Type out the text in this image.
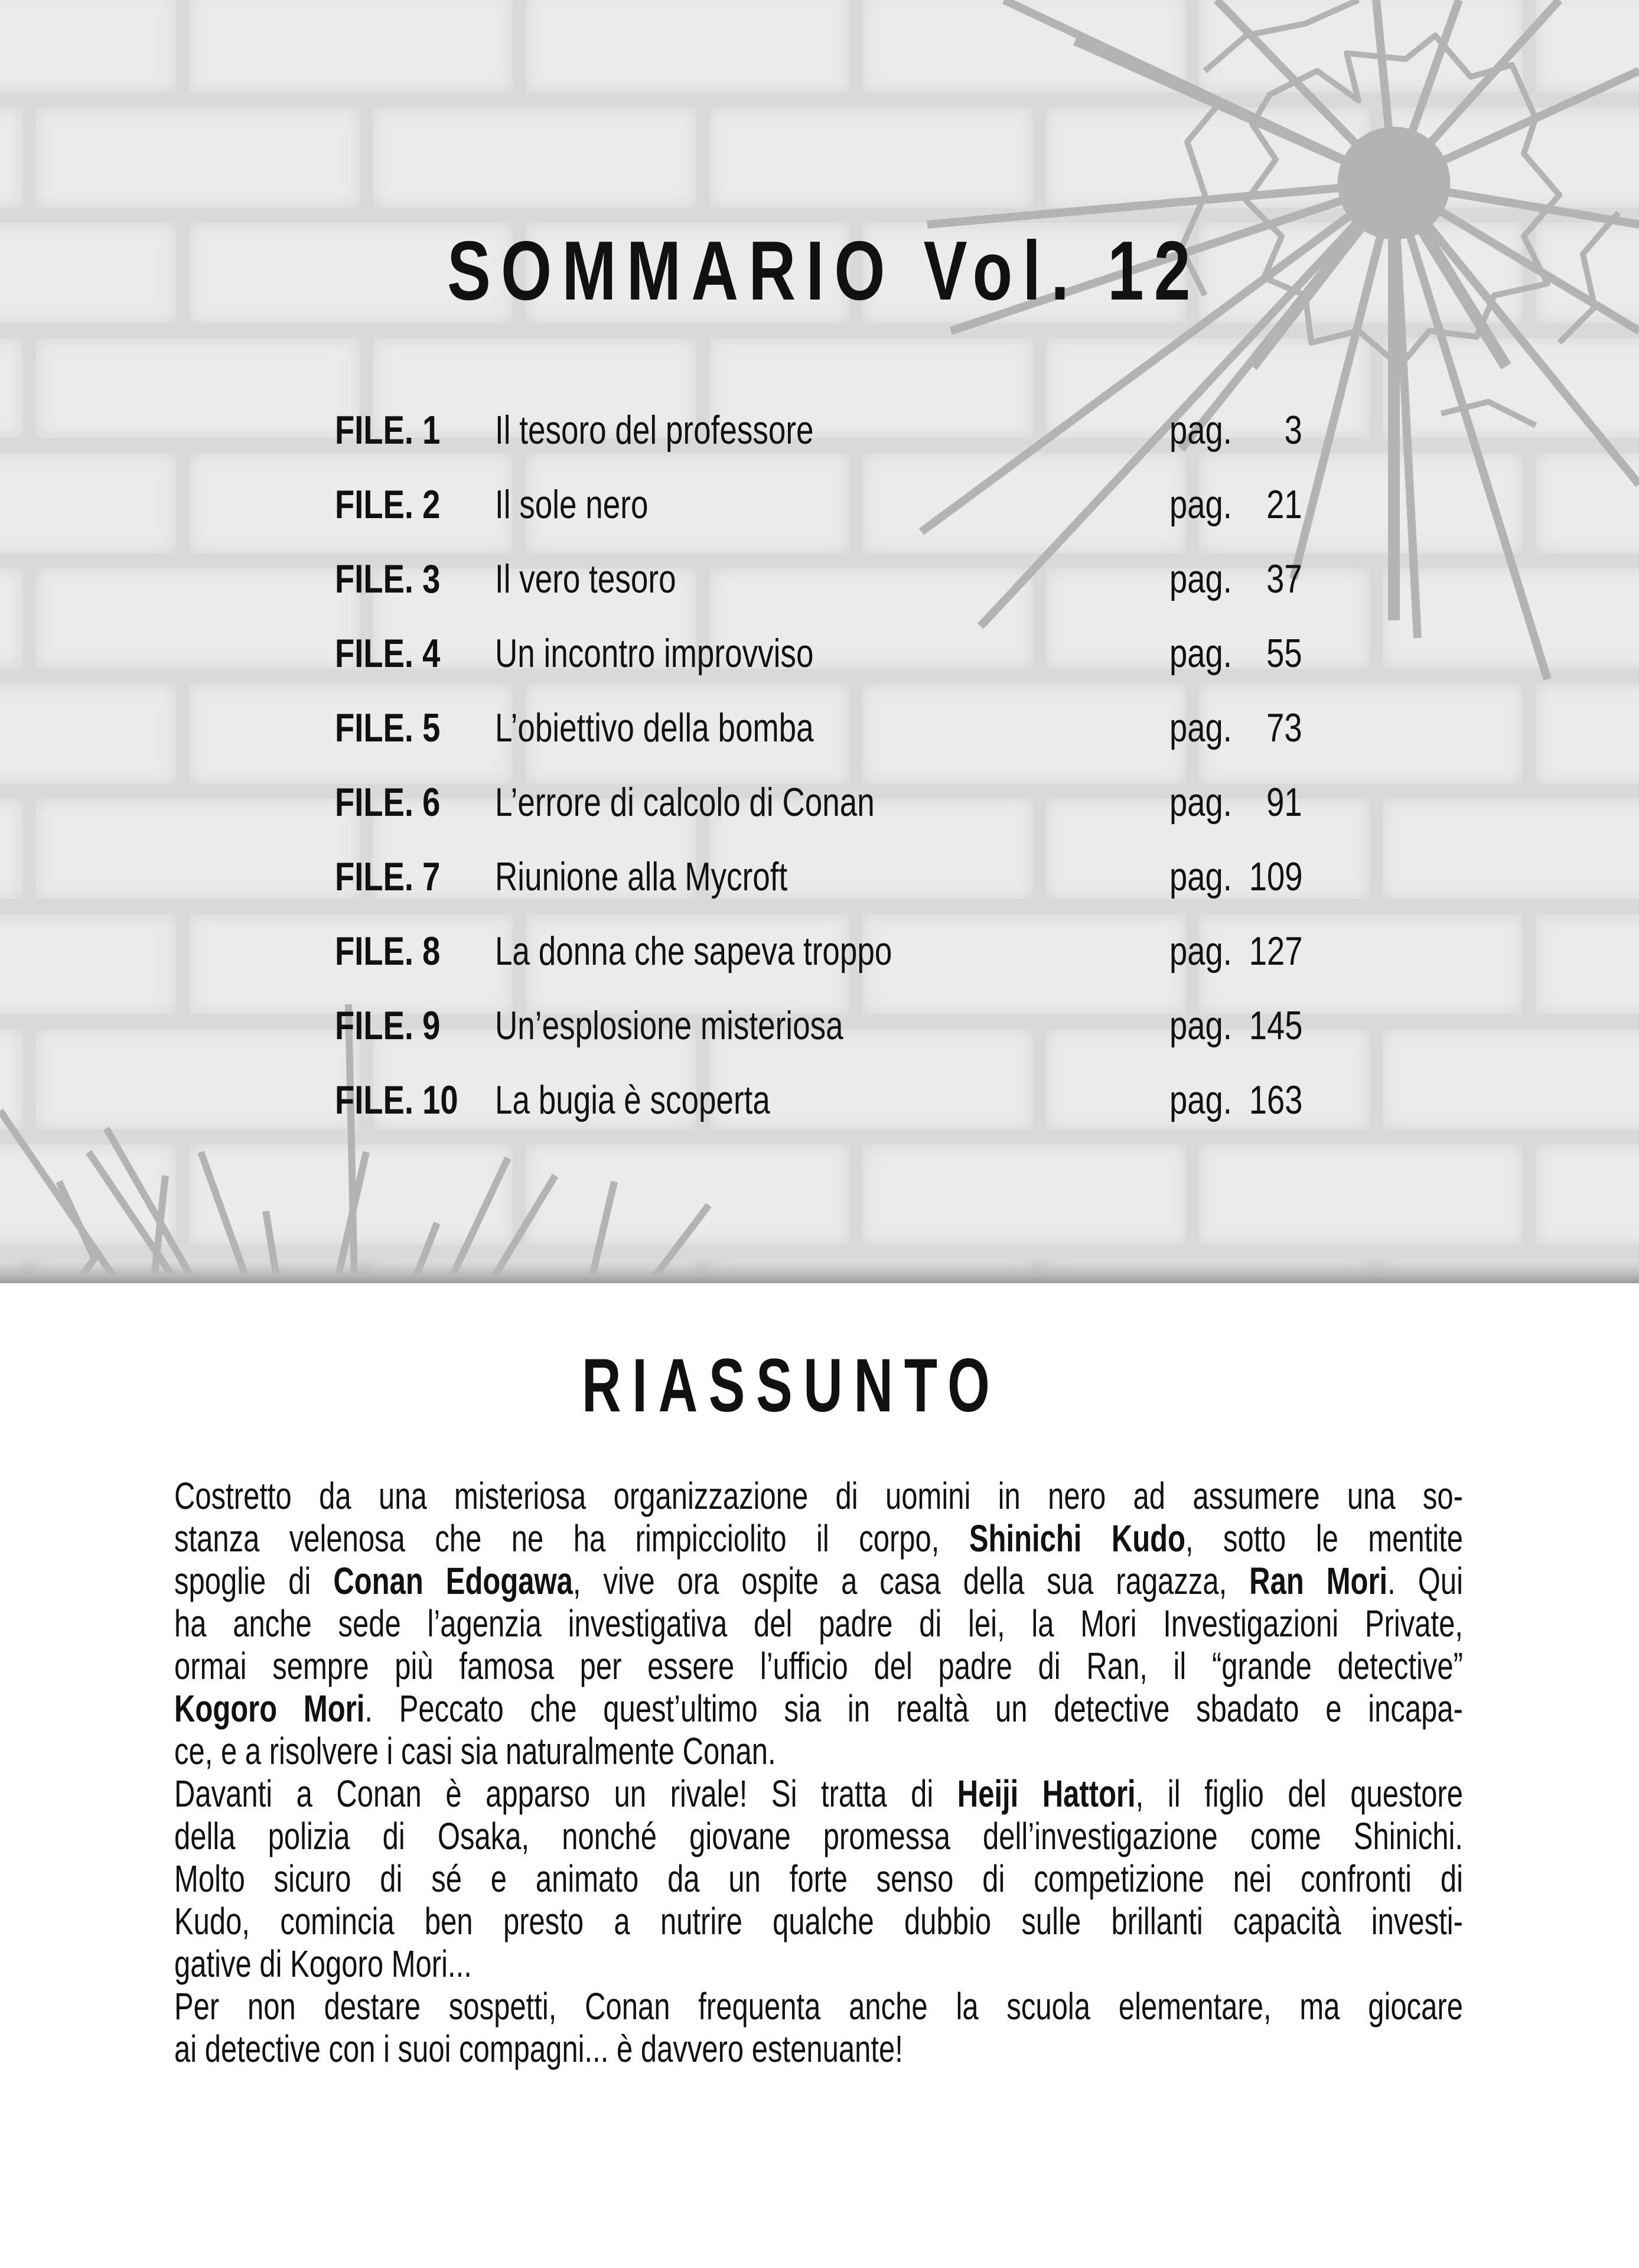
SOMMARIO Vol. 12
FILE. 1 Il tesoro del professore	pag. 3
FILE. 2 Il sole nero	pag. 21
FILE. 3 Il vero tesoro	pag. 37
FILE. 4 Un incontro improvviso	pag. 55
FILE. 5 L’obiettivo della bomba	pag. 73
FILE. 6 L’errore di calcolo di Conan	pag. 91
FILE. 7 Riunione alla Mycroft	pag. 109
FILE. 8 La donna che sapeva troppo	pag. 127
FILE. 9 Un’esplosione misteriosa	pag. 145
FILE. 10 La bugia è scoperta	pag. 163
RIASSUNTO
Costretto da una misteriosa organizzazione di uomini in nero ad assumere una so-
stanza velenosa che ne ha rimpicciolito il corpo, Shinichi Kudo, sotto le mentite
spoglie di Conan Edogawa, vive ora ospite a casa della sua ragazza, Ran Mori. Qui
ha anche sede l’agenzia investigativa del padre di lei, la Mori Investigazioni Private,
ormai sempre più famosa per essere l’ufficio del padre di Ran, il “grande detective”
Kogoro Mori. Peccato che quest’ultimo sia in realtà un detective sbadato e incapa-
ce, e a risolvere i casi sia naturalmente Conan.
Davanti a Conan è apparso un rivale! Si tratta di Heiji Hattori, il figlio del questore
della polizia di Osaka, nonché giovane promessa dell’investigazione come Shinichi.
Molto sicuro di sé e animato da un forte senso di competizione nei confronti di
Kudo, comincia ben presto a nutrire qualche dubbio sulle brillanti capacità investi-
gative di Kogoro Mori...
Per non destare sospetti, Conan frequenta anche la scuola elementare, ma giocare
ai detective con i suoi compagni... è davvero estenuante!
